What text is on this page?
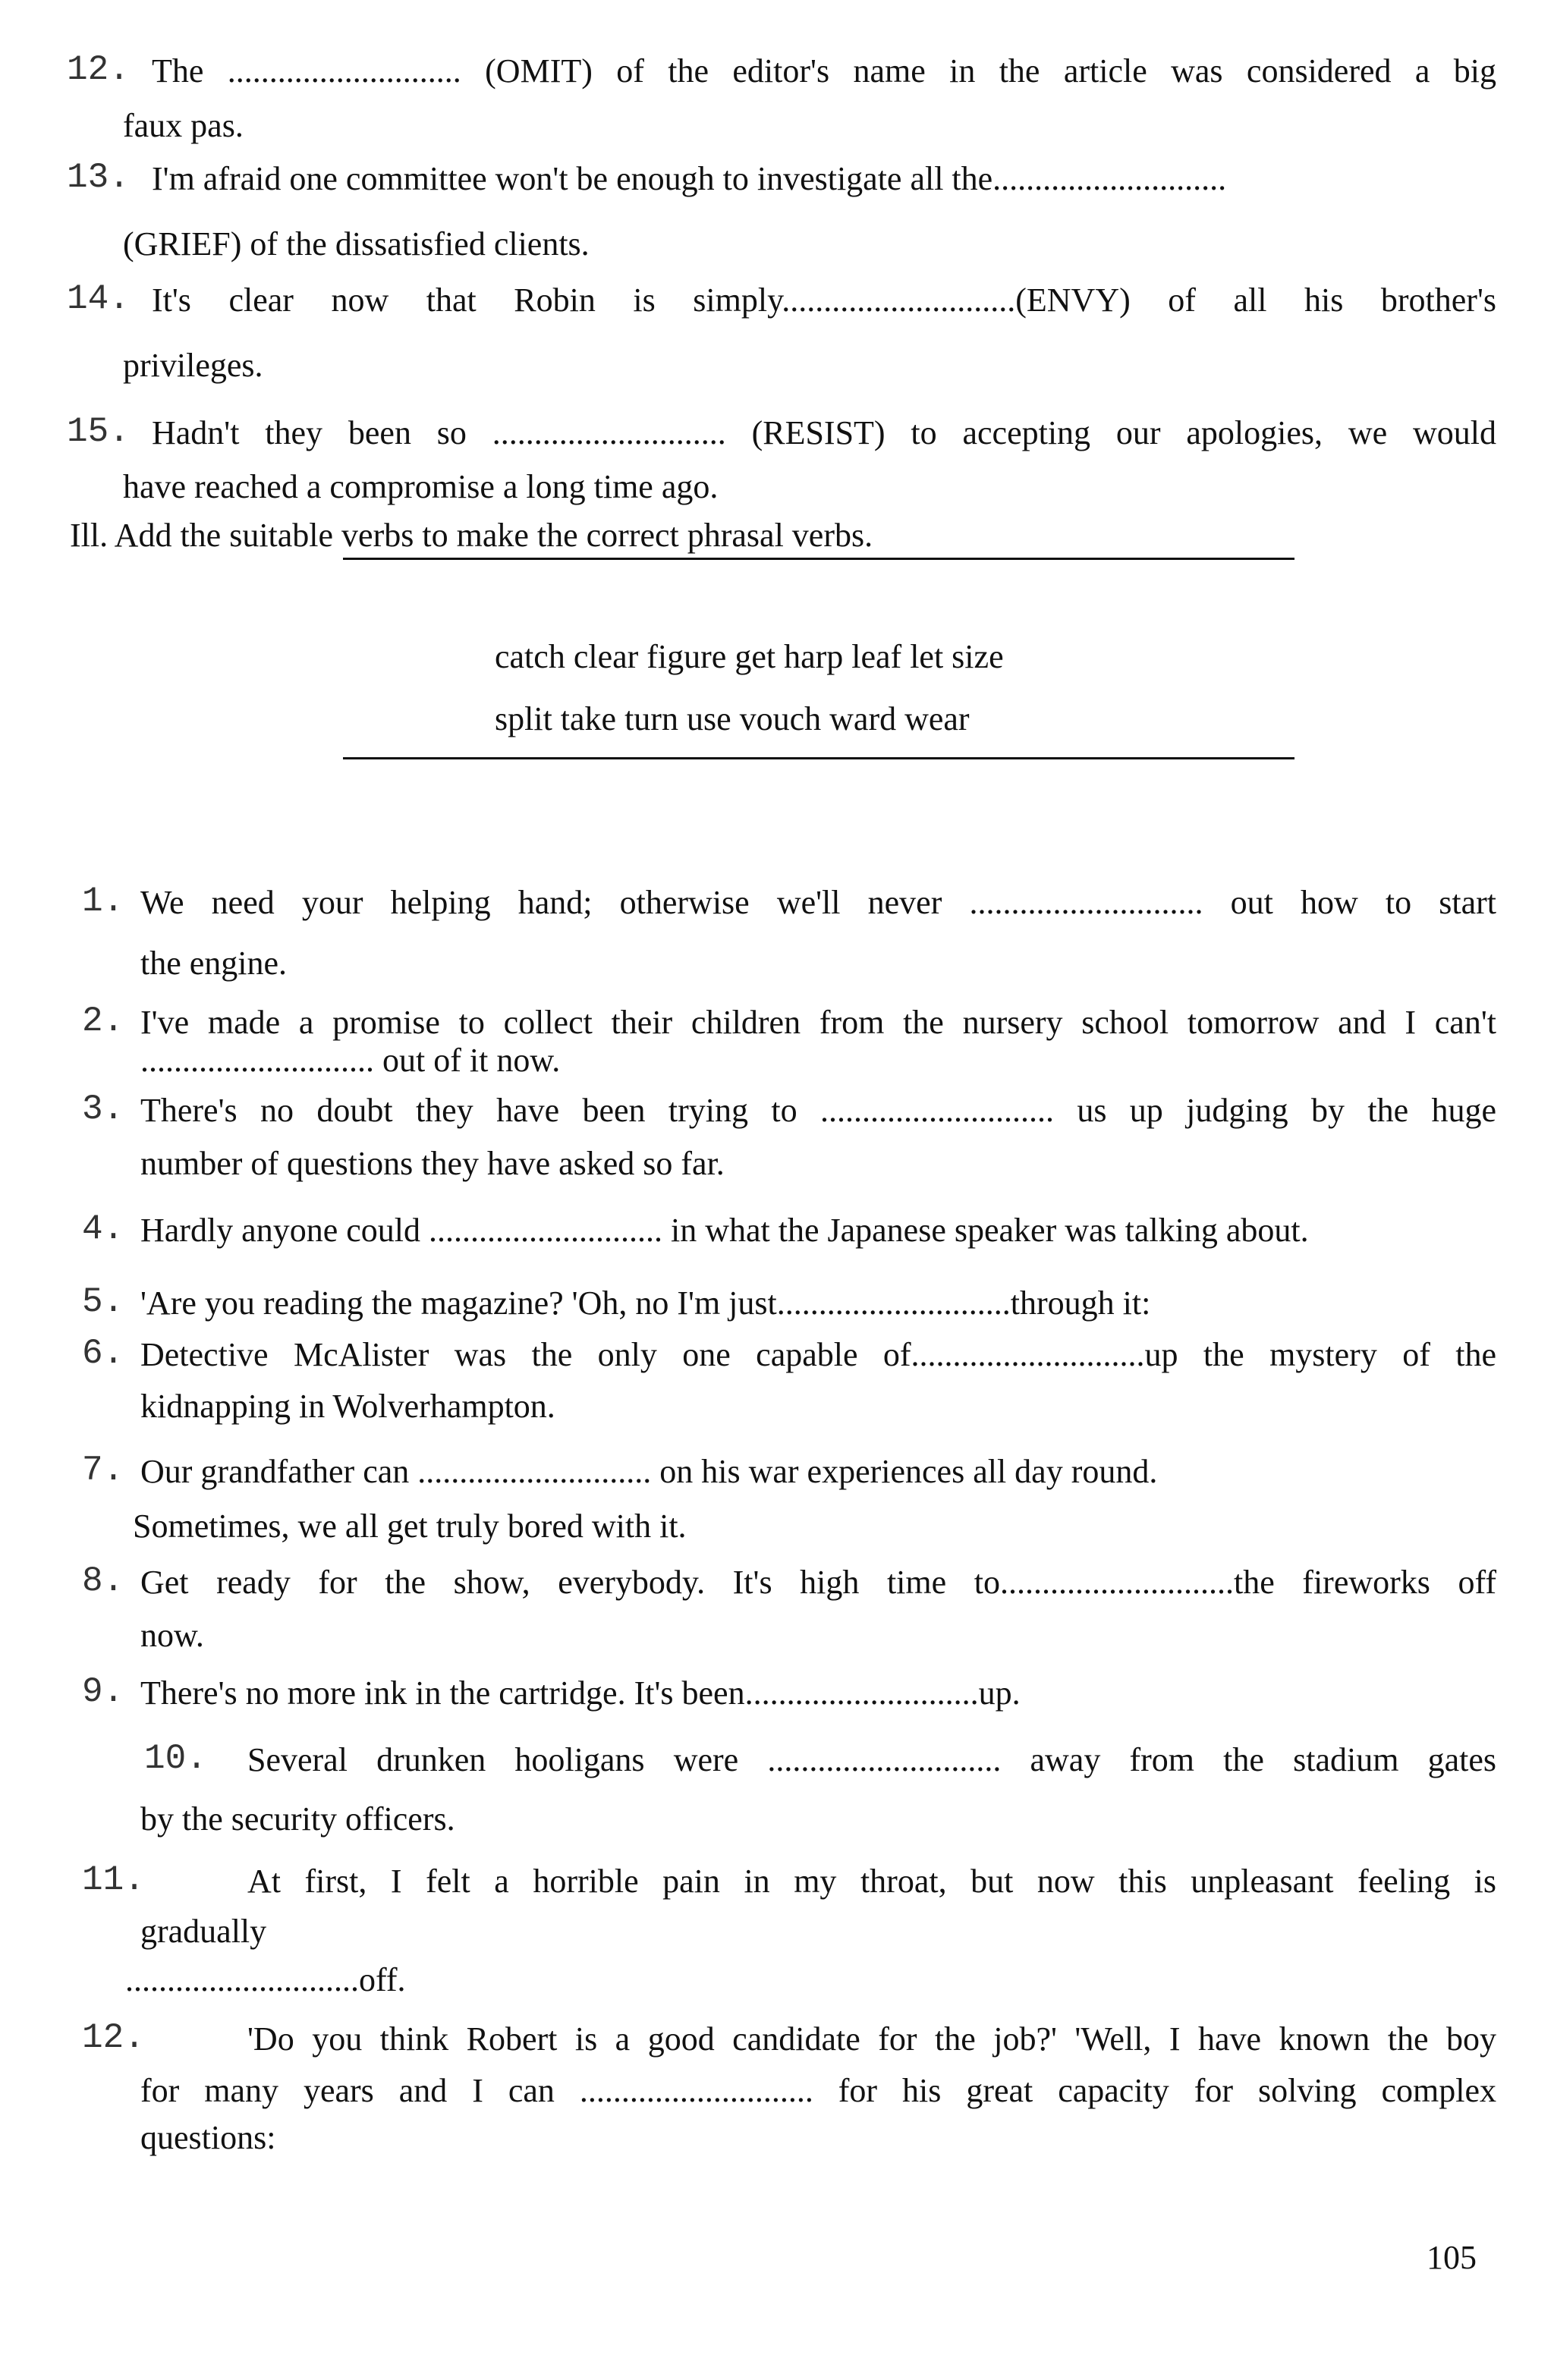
12. The ............................ (OMIT) of the editor's name in the article was considered a big
faux pas.
13. I'm afraid one committee won't be enough to investigate all the............................
(GRIEF) of the dissatisfied clients.
14. It's clear now that Robin is simply............................(ENVY) of all his brother's
privileges.
15. Hadn't they been so ............................ (RESIST) to accepting our apologies, we would
have reached a compromise a long time ago.
Ill. Add the suitable verbs to make the correct phrasal verbs.
catch clear figure get harp leaf let size
split take turn use vouch ward wear
1. We need your helping hand; otherwise we'll never ............................ out how to start
the engine.
2. I've made a promise to collect their children from the nursery school tomorrow and I can't
............................ out of it now.
3. There's no doubt they have been trying to ............................ us up judging by the huge
number of questions they have asked so far.
4. Hardly anyone could ............................ in what the Japanese speaker was talking about.
5. 'Are you reading the magazine? 'Oh, no I'm just............................through it:
6. Detective McAlister was the only one capable of............................up the mystery of the
kidnapping in Wolverhampton.
7. Our grandfather can ............................ on his war experiences all day round.
Sometimes, we all get truly bored with it.
8. Get ready for the show, everybody. It's high time to............................the fireworks off
now.
9. There's no more ink in the cartridge. It's been............................up.
10. Several drunken hooligans were ............................ away from the stadium gates
by the security officers.
11.	At first, I felt a horrible pain in my throat, but now this unpleasant feeling is
gradually
............................off.
12.	'Do you think Robert is a good candidate for the job?' 'Well, I have known the boy
for many years and I can ............................ for his great capacity for solving complex
questions:
105
